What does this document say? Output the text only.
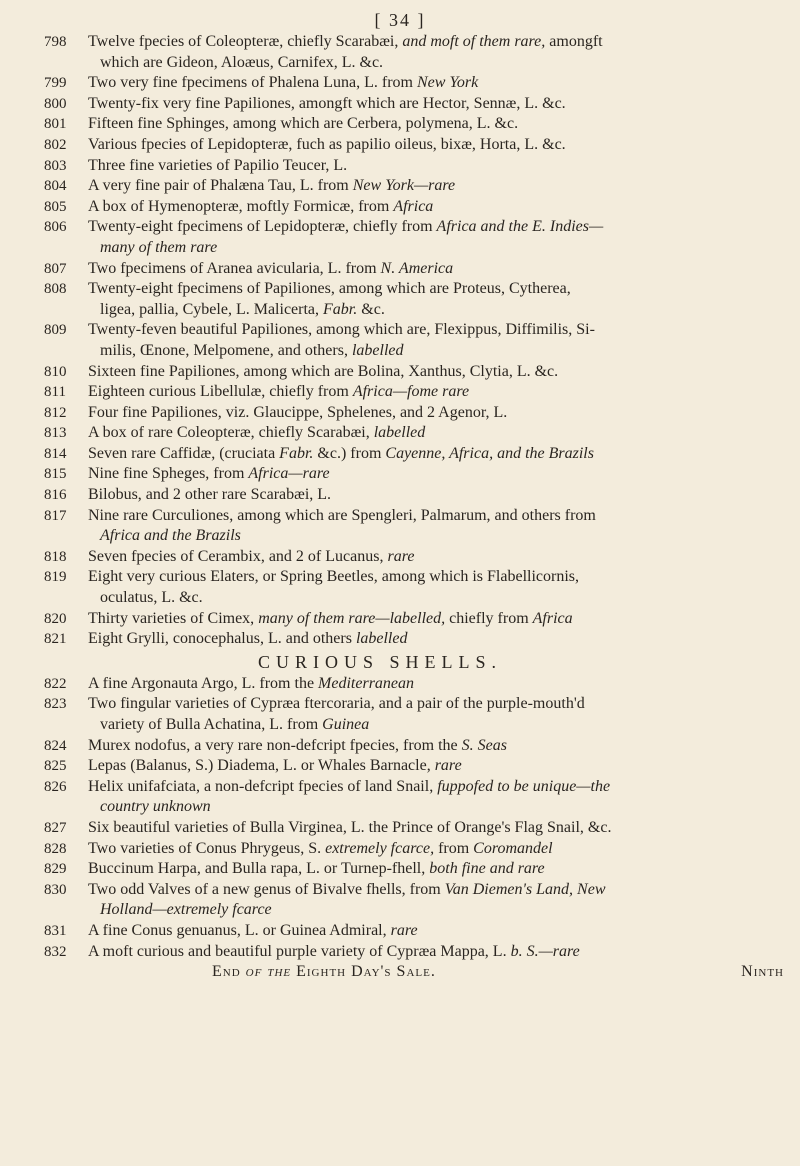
[ 34 ]
798	Twelve fpecies of Coleopteræ, chiefly Scarabæi, and moft of them rare, amongft
which are Gideon, Aloæus, Carnifex, L. &c.
799	Two very fine fpecimens of Phalena Luna, L. from New York
800	Twenty-fix very fine Papiliones, amongft which are Hector, Sennæ, L. &c.
801	Fifteen fine Sphinges, among which are Cerbera, polymena, L. &c.
802	Various fpecies of Lepidopteræ, fuch as papilio oileus, bixæ, Horta, L. &c.
803	Three fine varieties of Papilio Teucer, L.
804	A very fine pair of Phalæna Tau, L. from New York—rare
805	A box of Hymenopteræ, moftly Formicæ, from Africa
806	Twenty-eight fpecimens of Lepidopteræ, chiefly from Africa and the E. Indies—
many of them rare
807	Two fpecimens of Aranea avicularia, L. from N. America
808	Twenty-eight fpecimens of Papiliones, among which are Proteus, Cytherea,
ligea, pallia, Cybele, L. Malicerta, Fabr. &c.
809	Twenty-feven beautiful Papiliones, among which are, Flexippus, Diffimilis, Si-
milis, Œnone, Melpomene, and others, labelled
810	Sixteen fine Papiliones, among which are Bolina, Xanthus, Clytia, L. &c.
811	Eighteen curious Libellulæ, chiefly from Africa—fome rare
812	Four fine Papiliones, viz. Glaucippe, Sphelenes, and 2 Agenor, L.
813	A box of rare Coleopteræ, chiefly Scarabæi, labelled
814	Seven rare Caffidæ, (cruciata Fabr. &c.) from Cayenne, Africa, and the Brazils
815	Nine fine Spheges, from Africa—rare
816	Bilobus, and 2 other rare Scarabæi, L.
817	Nine rare Curculiones, among which are Spengleri, Palmarum, and others from
Africa and the Brazils
818	Seven fpecies of Cerambix, and 2 of Lucanus, rare
819	Eight very curious Elaters, or Spring Beetles, among which is Flabellicornis,
oculatus, L. &c.
820	Thirty varieties of Cimex, many of them rare—labelled, chiefly from Africa
821	Eight Grylli, conocephalus, L. and others labelled
CURIOUS SHELLS.
822	A fine Argonauta Argo, L. from the Mediterranean
823	Two fingular varieties of Cypræa ftercoraria, and a pair of the purple-mouth'd
variety of Bulla Achatina, L. from Guinea
824	Murex nodofus, a very rare non-defcript fpecies, from the S. Seas
825	Lepas (Balanus, S.) Diadema, L. or Whales Barnacle, rare
826	Helix unifafciata, a non-defcript fpecies of land Snail, fuppofed to be unique—the
country unknown
827	Six beautiful varieties of Bulla Virginea, L. the Prince of Orange's Flag Snail, &c.
828	Two varieties of Conus Phrygeus, S. extremely fcarce, from Coromandel
829	Buccinum Harpa, and Bulla rapa, L. or Turnep-fhell, both fine and rare
830	Two odd Valves of a new genus of Bivalve fhells, from Van Diemen's Land, New
Holland—extremely fcarce
831	A fine Conus genuanus, L. or Guinea Admiral, rare
832	A moft curious and beautiful purple variety of Cypræa Mappa, L. b. S.—rare
End of the Eighth Day's Sale.	Ninth
